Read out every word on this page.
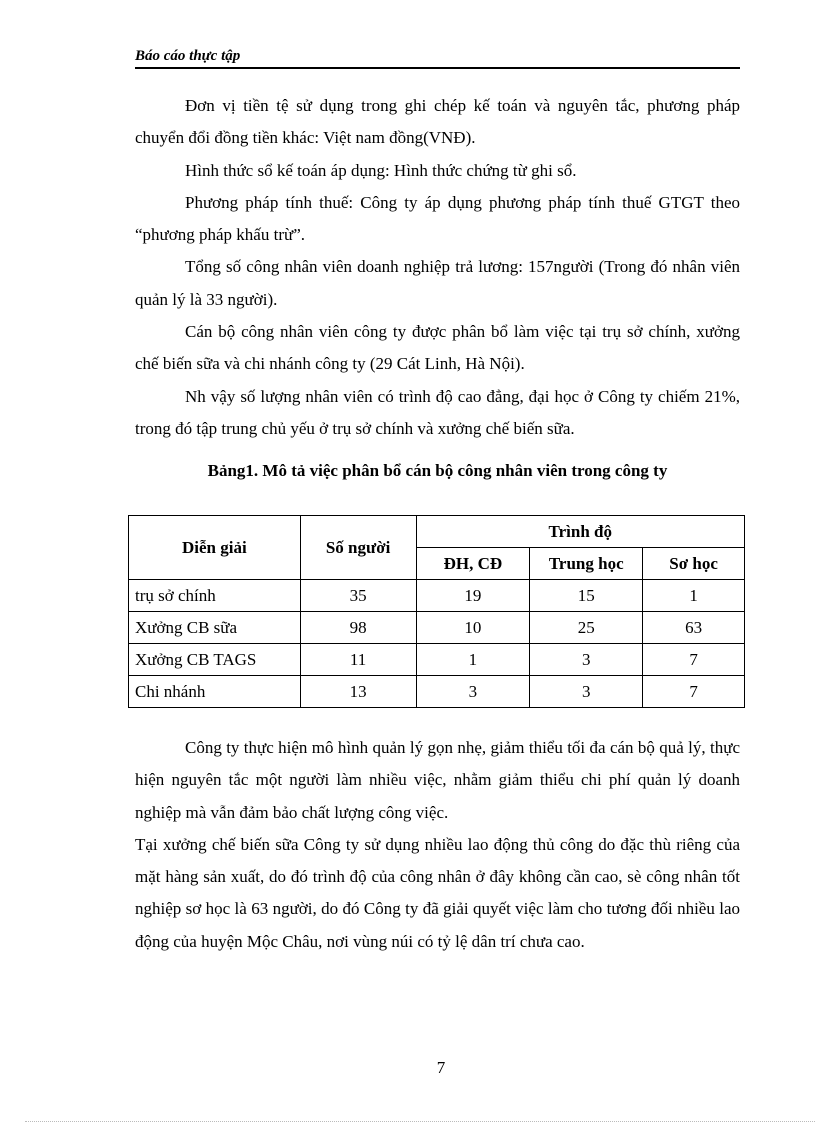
Báo cáo thực tập

Đơn vị tiền tệ sử dụng trong ghi chép kế toán và nguyên tắc, phương pháp chuyển đổi đồng tiền khác: Việt nam đồng(VNĐ).

Hình thức sổ kế toán áp dụng: Hình thức chứng từ ghi sổ.

Phương pháp tính thuế: Công ty áp dụng phương pháp tính thuế GTGT theo “phương pháp khấu trừ”.

Tổng số công nhân viên doanh nghiệp trả lương: 157người (Trong đó nhân viên quản lý là 33 người).

Cán bộ công nhân viên công ty được phân bổ làm việc tại trụ sở chính, xưởng chế biến sữa và chi nhánh công ty (29 Cát Linh, Hà Nội).

Nh vậy số lượng nhân viên có trình độ cao đẳng, đại học ở Công ty chiếm 21%, trong đó tập trung chủ yếu ở trụ sở chính và xưởng chế biến sữa.

Bảng1. Mô tả việc phân bổ cán bộ công nhân viên trong công ty
Diễn giải	Số người	Trình độ		
		ĐH, CĐ	Trung học	Sơ học
trụ sở chính	35	19	15	1
Xưởng CB sữa	98	10	25	63
Xưởng CB TAGS	11	1	3	7
Chi nhánh	13	3	3	7

Công ty thực hiện mô hình quản lý gọn nhẹ, giảm thiểu tối đa cán bộ quả lý, thực hiện nguyên tắc một người làm nhiều việc, nhằm giảm thiểu chi phí quản lý doanh nghiệp mà vẫn đảm bảo chất lượng công việc.

Tại xưởng chế biến sữa Công ty sử dụng nhiều lao động thủ công do đặc thù riêng của mặt hàng sản xuất, do đó trình độ của công nhân ở đây không cần cao, sè công nhân tốt nghiệp sơ học là 63 người, do đó Công ty đã giải quyết việc làm cho tương đối nhiều lao động của huyện Mộc Châu, nơi vùng núi có tỷ lệ dân trí chưa cao.

7
